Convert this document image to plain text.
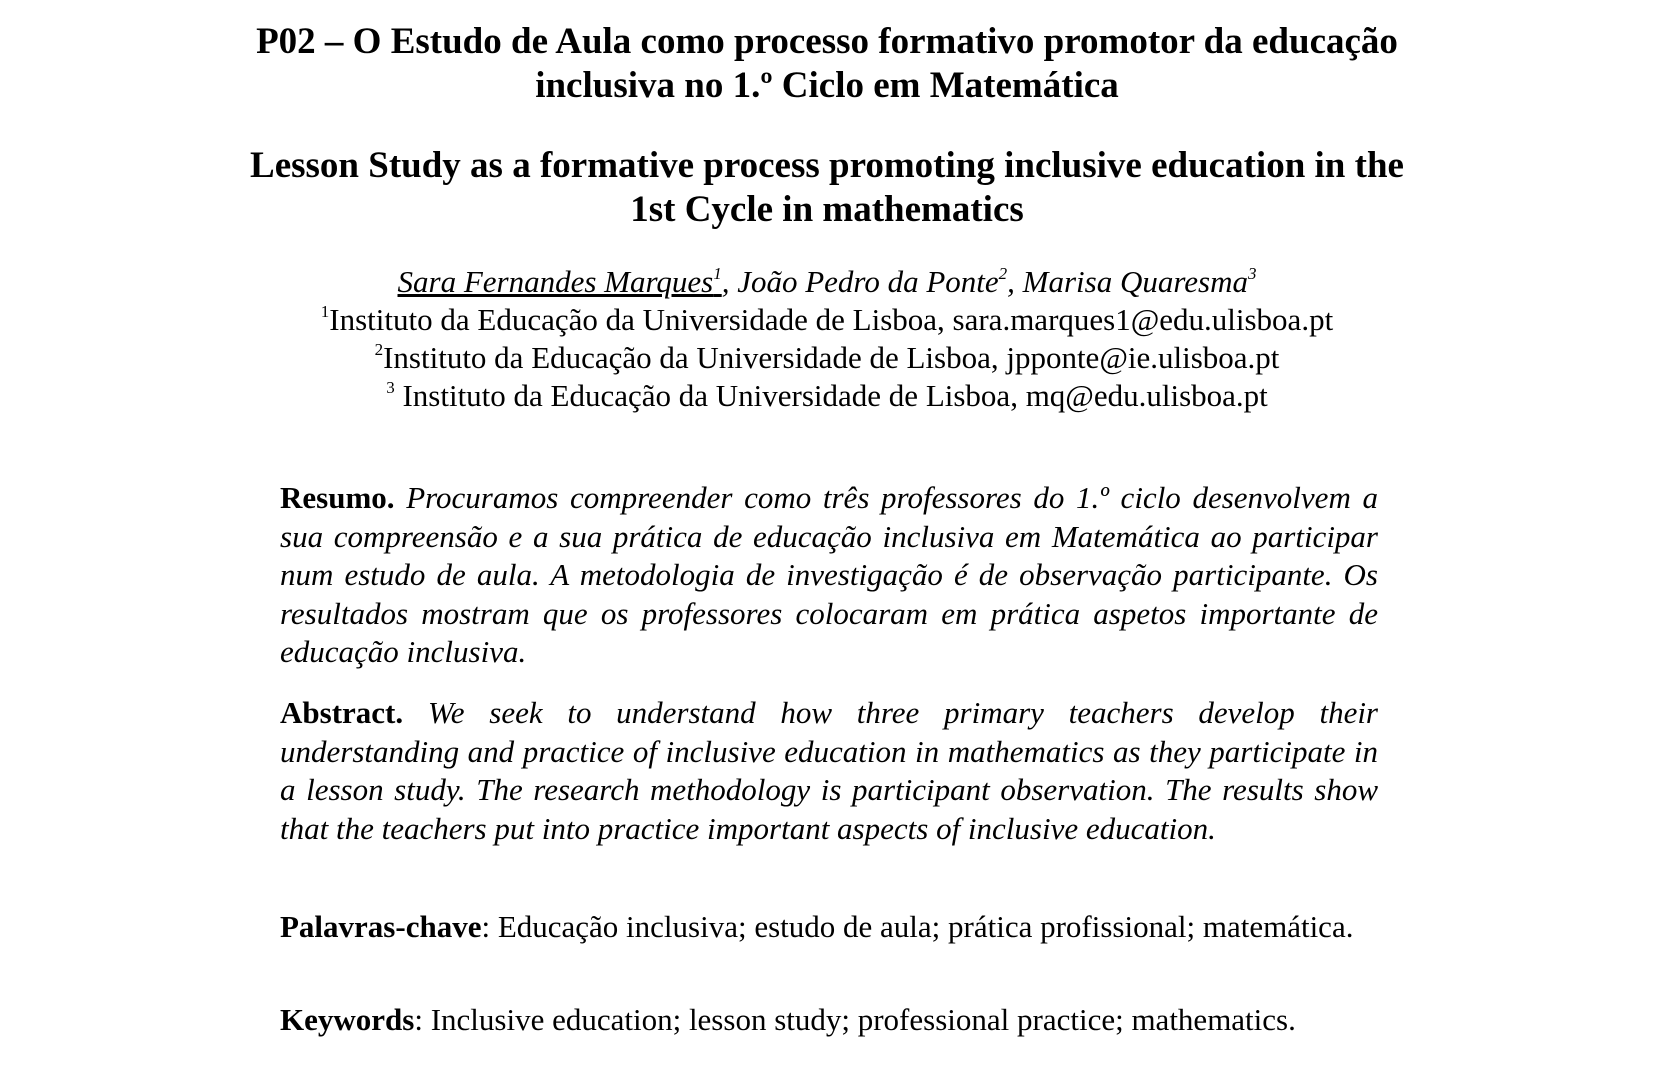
P02 – O Estudo de Aula como processo formativo promotor da educação
inclusiva no 1.º Ciclo em Matemática
Lesson Study as a formative process promoting inclusive education in the
1st Cycle in mathematics
Sara Fernandes Marques$^1$, João Pedro da Ponte$^2$, Marisa Quaresma$^3$
$^1$Instituto da Educação da Universidade de Lisboa, sara.marques1@edu.ulisboa.pt
$^2$Instituto da Educação da Universidade de Lisboa, jpponte@ie.ulisboa.pt
$^3$ Instituto da Educação da Universidade de Lisboa, mq@edu.ulisboa.pt
Resumo. Procuramos compreender como três professores do 1.º ciclo desenvolvem a sua compreensão e a sua prática de educação inclusiva em Matemática ao participar num estudo de aula. A metodologia de investigação é de observação participante. Os resultados mostram que os professores colocaram em prática aspetos importante de educação inclusiva.
Abstract. We seek to understand how three primary teachers develop their understanding and practice of inclusive education in mathematics as they participate in a lesson study. The research methodology is participant observation. The results show that the teachers put into practice important aspects of inclusive education.
Palavras-chave: Educação inclusiva; estudo de aula; prática profissional; matemática.
Keywords: Inclusive education; lesson study; professional practice; mathematics.
